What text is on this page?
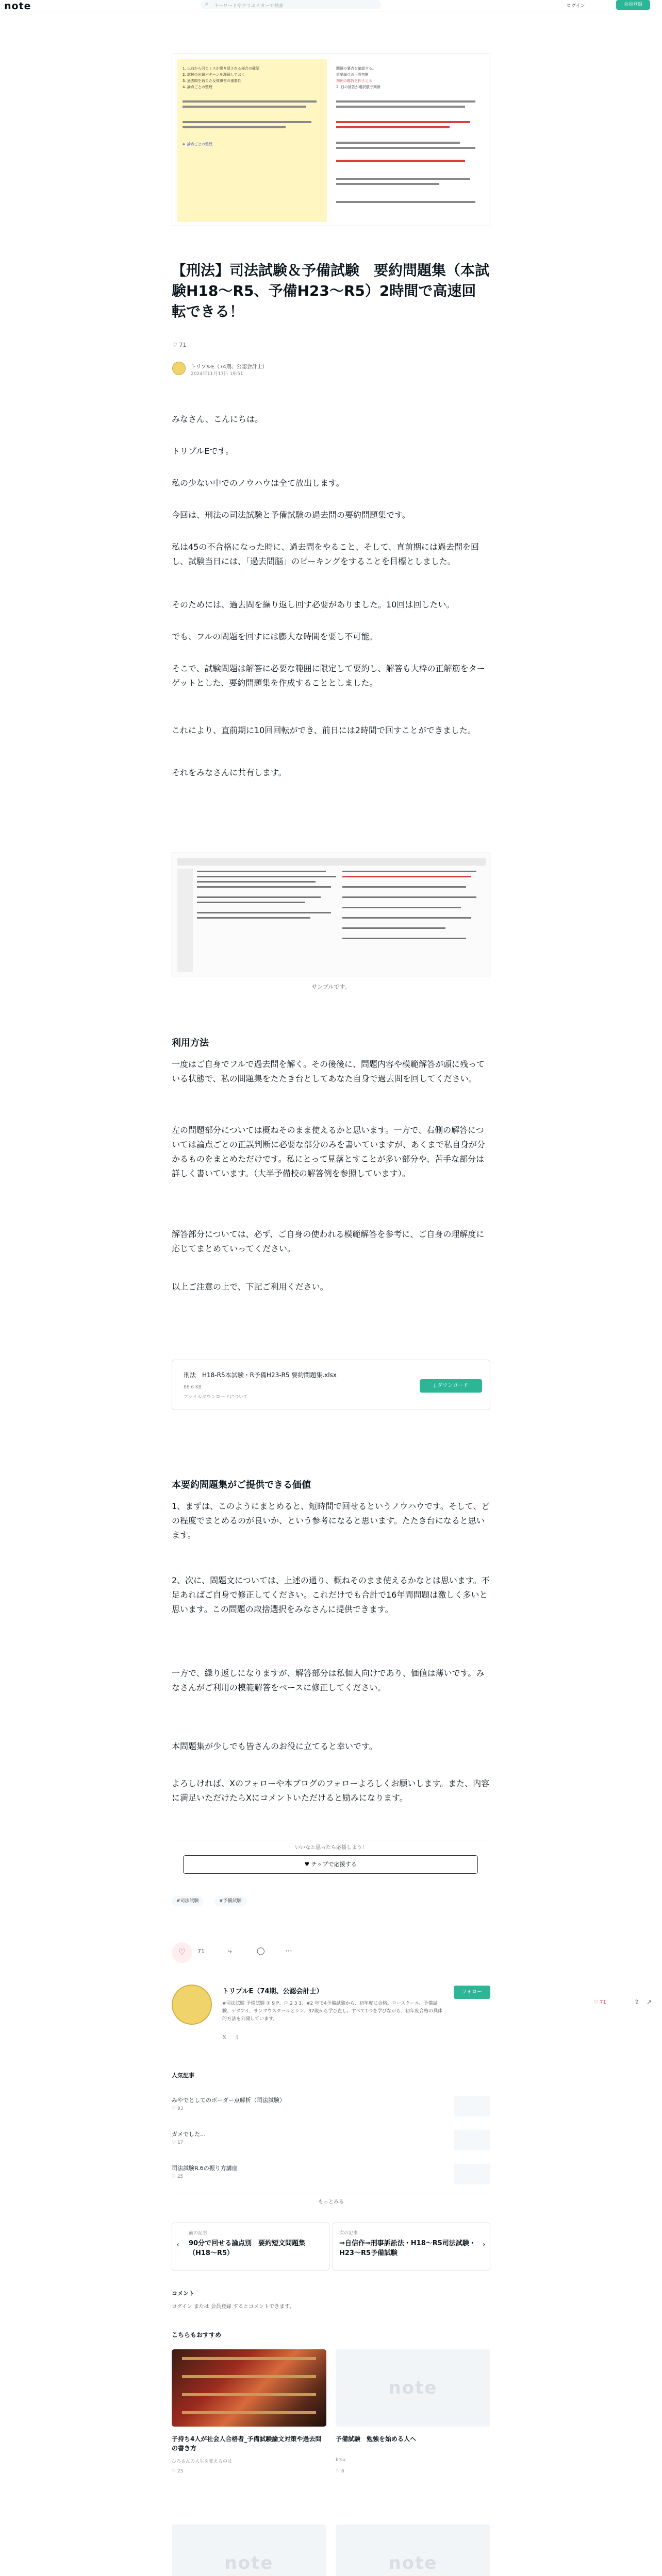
note	⌕ キーワードやクリエイターで検索	ログイン	会員登録
1. 以前から同じミスが繰り返される場合の確認
2. 試験の出題パターンを理解しておく
3. 過去問を通じた反復練習の重要性
4. 論点ごとの整理
4. 論点ごとの整理
問題の要点を確認する。
重要論点の正誤判断
判例の趣旨を押さえる
2. 日の回答が選択肢で判断
【刑法】司法試験＆予備試験　要約問題集（本試験H18〜R5、予備H23〜R5）2時間で高速回転できる！
♡ 71
トリプルE（74期、公認会計士）
2024年11月17日 19:51

みなさん、こんにちは。

トリプルEです。

私の少ない中でのノウハウは全て放出します。

今回は、刑法の司法試験と予備試験の過去問の要約問題集です。

私は45の不合格になった時に、過去問をやること、そして、直前期には過去問を回し、試験当日には、「過去問脳」のピーキングをすることを目標としました。

そのためには、過去問を繰り返し回す必要がありました。10回は回したい。

でも、フルの問題を回すには膨大な時間を要し不可能。

そこで、試験問題は解答に必要な範囲に限定して要約し、解答も大枠の正解筋をターゲットとした、要約問題集を作成することとしました。

これにより、直前期に10回回転ができ、前日には2時間で回すことができました。

それをみなさんに共有します。

サンプルです。
利用方法

一度はご自身でフルで過去問を解く。その後後に、問題内容や模範解答が頭に残っている状態で、私の問題集をたたき台としてあなた自身で過去問を回してください。

左の問題部分については概ねそのまま使えるかと思います。一方で、右側の解答については論点ごとの正誤判断に必要な部分のみを書いていますが、あくまで私自身が分かるものをまとめただけです。私にとって見落とすことが多い部分や、苦手な部分は詳しく書いています。（大半予備校の解答例を参照しています）。

解答部分については、必ず、ご自身の使われる模範解答を参考に、ご自身の理解度に応じてまとめていってください。

以上ご注意の上で、下記ご利用ください。

刑法　H18-R5本試験・R予備H23-R5 要約問題集.xlsx
86.6 KB
ファイルダウンロードについて
⤓ ダウンロード
本要約問題集がご提供できる価値

1、まずは、このようにまとめると、短時間で回せるというノウハウです。そして、どの程度でまとめるのが良いか、という参考になると思います。たたき台になると思います。

2、次に、問題文については、上述の通り、概ねそのまま使えるかなとは思います。不足あればご自身で修正してください。これだけでも合計で16年間問題は激しく多いと思います。この問題の取捨選択をみなさんに提供できます。

一方で、繰り返しになりますが、解答部分は私個人向けであり、価値は薄いです。みなさんがご利用の模範解答をベースに修正してください。

本問題集が少しでも皆さんのお役に立てると幸いです。

よろしければ、Xのフォローや本ブログのフォローよろしくお願いします。また、内容に満足いただけたらXにコメントいただけると励みになります。

いいなと思ったら応援しよう！
♥ チップで応援する
#司法試験	#予備試験
♡	71	⤷	◯	⋯
トリプルE（74期、公認会計士）	フォロー
#司法試験 予備試験 ⑦ 9 P、ロ 2 3 1、#2 年で4予備試験から、初年度に合格。ロースクール、予備試験、デタアイ、サンマウスクールとシン、37歳から学び直し。すべて1つを学びながら、初年度合格の具体的方法を公開しています。
𝕏 ⟟
♡ 71	⇪ ↗
人気記事
みやでとしてのボーダー点解析（司法試験）
♡ 93
ガメでした…
♡ 17
司法試験R.6の振り方講座
♡ 25
もっとみる
‹
前の記事
90分で回せる論点別　要約短文問題集（H18〜R5）
›
次の記事
⇒自信作⇒刑事訴訟法・H18〜R5司法試験・H23〜R5予備試験
コメント
ログイン または 会員登録 するとコメントできます。
こちらもおすすめ
子持ち4人が社会人合格者_予備試験論文対策や過去問の書き方
ひろさんの人生を変えるのは
♡ 25
note
予備試験　勉強を始める人へ
ktsu
♡ 6
note	note
